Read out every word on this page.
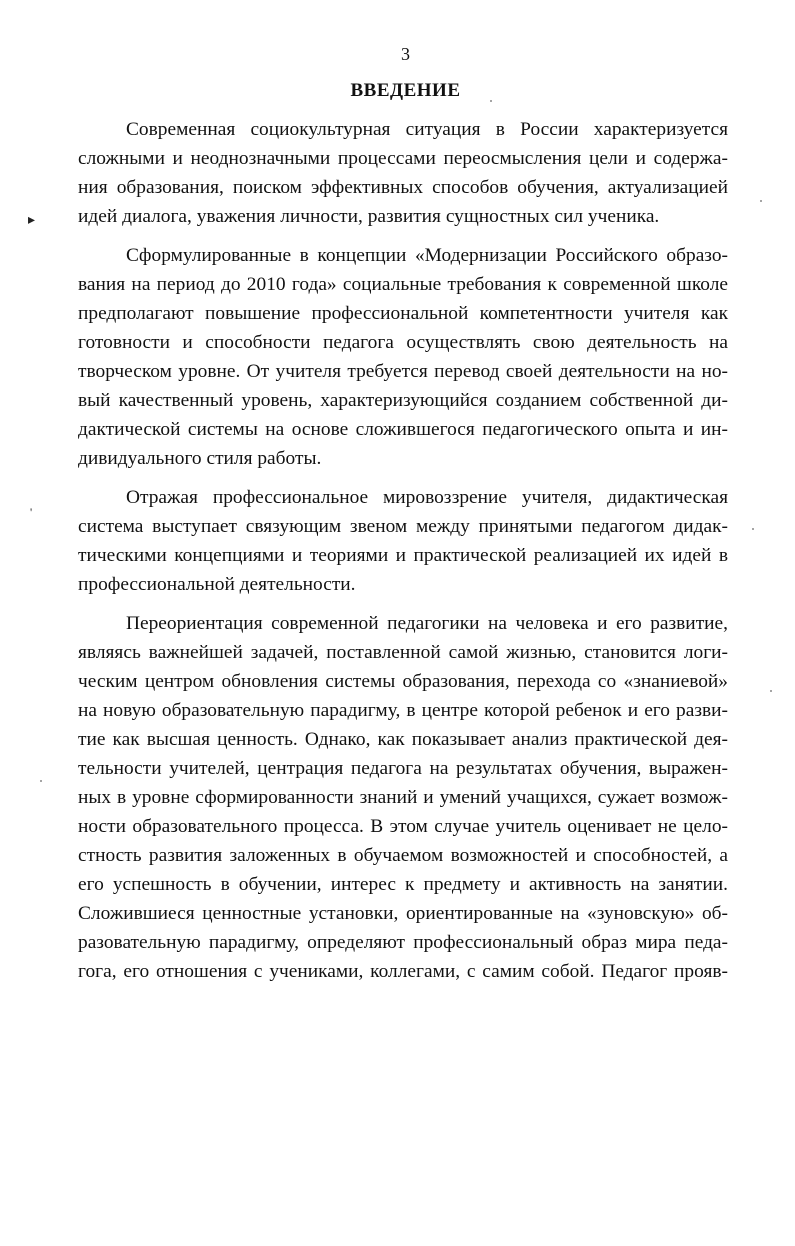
3
ВВЕДЕНИЕ
▸
'
Современная социокультурная ситуация в России характеризуется
сложными и неоднозначными процессами переосмысления цели и содержа-
ния образования, поиском эффективных способов обучения, актуализацией
идей диалога, уважения личности, развития сущностных сил ученика.
Сформулированные в концепции «Модернизации Российского образо-
вания на период до 2010 года» социальные требования к современной школе
предполагают повышение профессиональной компетентности учителя как
готовности и способности педагога осуществлять свою деятельность на
творческом уровне. От учителя требуется перевод своей деятельности на но-
вый качественный уровень, характеризующийся созданием собственной ди-
дактической системы на основе сложившегося педагогического опыта и ин-
дивидуального стиля работы.
Отражая профессиональное мировоззрение учителя, дидактическая
система выступает связующим звеном между принятыми педагогом дидак-
тическими концепциями и теориями и практической реализацией их идей в
профессиональной деятельности.
Переориентация современной педагогики на человека и его развитие,
являясь важнейшей задачей, поставленной самой жизнью, становится логи-
ческим центром обновления системы образования, перехода со «знаниевой»
на новую образовательную парадигму, в центре которой ребенок и его разви-
тие как высшая ценность. Однако, как показывает анализ практической дея-
тельности учителей, центрация педагога на результатах обучения, выражен-
ных в уровне сформированности знаний и умений учащихся, сужает возмож-
ности образовательного процесса. В этом случае учитель оценивает не цело-
стность развития заложенных в обучаемом возможностей и способностей, а
его успешность в обучении, интерес к предмету и активность на занятии.
Сложившиеся ценностные установки, ориентированные на «зуновскую» об-
разовательную парадигму, определяют профессиональный образ мира педа-
гога, его отношения с учениками, коллегами, с самим собой. Педагог прояв-
